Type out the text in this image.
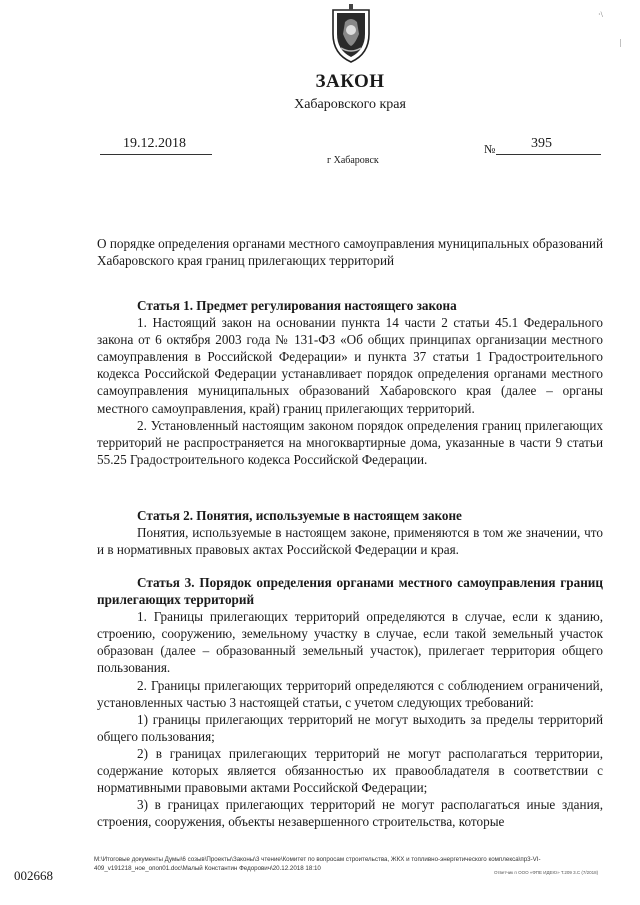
·\
|
ЗАКОН
Хабаровского края
19.12.2018	№	395
г Хабаровск

О порядке определения органами местного самоуправления муниципальных образований Хабаровского края границ прилегающих территорий

Статья 1. Предмет регулирования настоящего закона

1. Настоящий закон на основании пункта 14 части 2 статьи 45.1 Федерального закона от 6 октября 2003 года № 131-ФЗ «Об общих принципах организации местного самоуправления в Российской Федерации» и пункта 37 статьи 1 Градостроительного кодекса Российской Федерации устанавливает порядок определения органами местного самоуправления муниципальных образований Хабаровского края (далее – органы местного самоуправления, край) границ прилегающих территорий.

2. Установленный настоящим законом порядок определения границ прилегающих территорий не распространяется на многоквартирные дома, указанные в части 9 статьи 55.25 Градостроительного кодекса Российской Федерации.

Статья 2. Понятия, используемые в настоящем законе

Понятия, используемые в настоящем законе, применяются в том же значении, что и в нормативных правовых актах Российской Федерации и края.

Статья 3. Порядок определения органами местного самоуправления границ прилегающих территорий

1. Границы прилегающих территорий определяются в случае, если к зданию, строению, сооружению, земельному участку в случае, если такой земельный участок образован (далее – образованный земельный участок), прилегает территория общего пользования.

2. Границы прилегающих территорий определяются с соблюдением ограничений, установленных частью 3 настоящей статьи, с учетом следующих требований:

1) границы прилегающих территорий не могут выходить за пределы территорий общего пользования;

2) в границах прилегающих территорий не могут располагаться территории, содержание которых является обязанностью их правообладателя в соответствии с нормативными правовыми актами Российской Федерации;

3) в границах прилегающих территорий не могут располагаться иные здания, строения, сооружения, объекты незавершенного строительства, которые

002668
М:\Итоговые документы Думы\6 созыв\Проекты\Законы\3 чтение\Комитет по вопросам строительства, ЖКХ и топливно-энергетического комплекса\пр3-VI-409_v191218_ное_опоп01.doc\Малый Константин Федорович\20.12.2018 18:10
Ответчик п ООО «ФПЕ ИДЕЮ» Т.209 3.С (7/2018)
